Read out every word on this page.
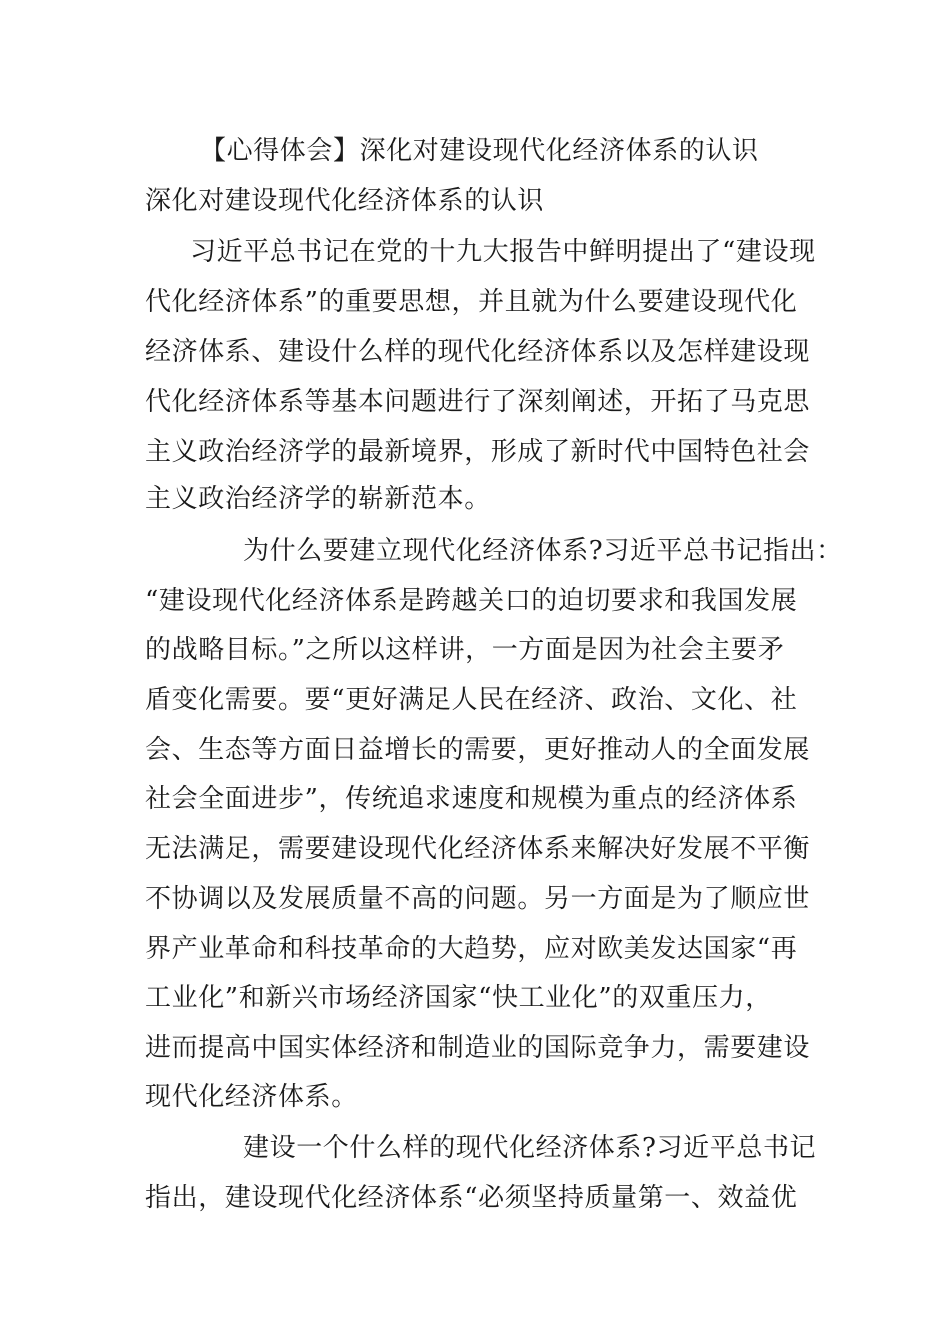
【心得体会】深化对建设现代化经济体系的认识
深化对建设现代化经济体系的认识
习近平总书记在党的十九大报告中鲜明提出了“建设现
代化经济体系”的重要思想，并且就为什么要建设现代化
经济体系、建设什么样的现代化经济体系以及怎样建设现
代化经济体系等基本问题进行了深刻阐述，开拓了马克思
主义政治经济学的最新境界，形成了新时代中国特色社会
主义政治经济学的崭新范本。
为什么要建立现代化经济体系?习近平总书记指出：
“建设现代化经济体系是跨越关口的迫切要求和我国发展
的战略目标。”之所以这样讲，一方面是因为社会主要矛
盾变化需要。要“更好满足人民在经济、政治、文化、社
会、生态等方面日益增长的需要，更好推动人的全面发展
社会全面进步”，传统追求速度和规模为重点的经济体系
无法满足，需要建设现代化经济体系来解决好发展不平衡
不协调以及发展质量不高的问题。另一方面是为了顺应世
界产业革命和科技革命的大趋势，应对欧美发达国家“再
工业化”和新兴市场经济国家“快工业化”的双重压力，
进而提高中国实体经济和制造业的国际竞争力，需要建设
现代化经济体系。
建设一个什么样的现代化经济体系?习近平总书记
指出，建设现代化经济体系“必须坚持质量第一、效益优
